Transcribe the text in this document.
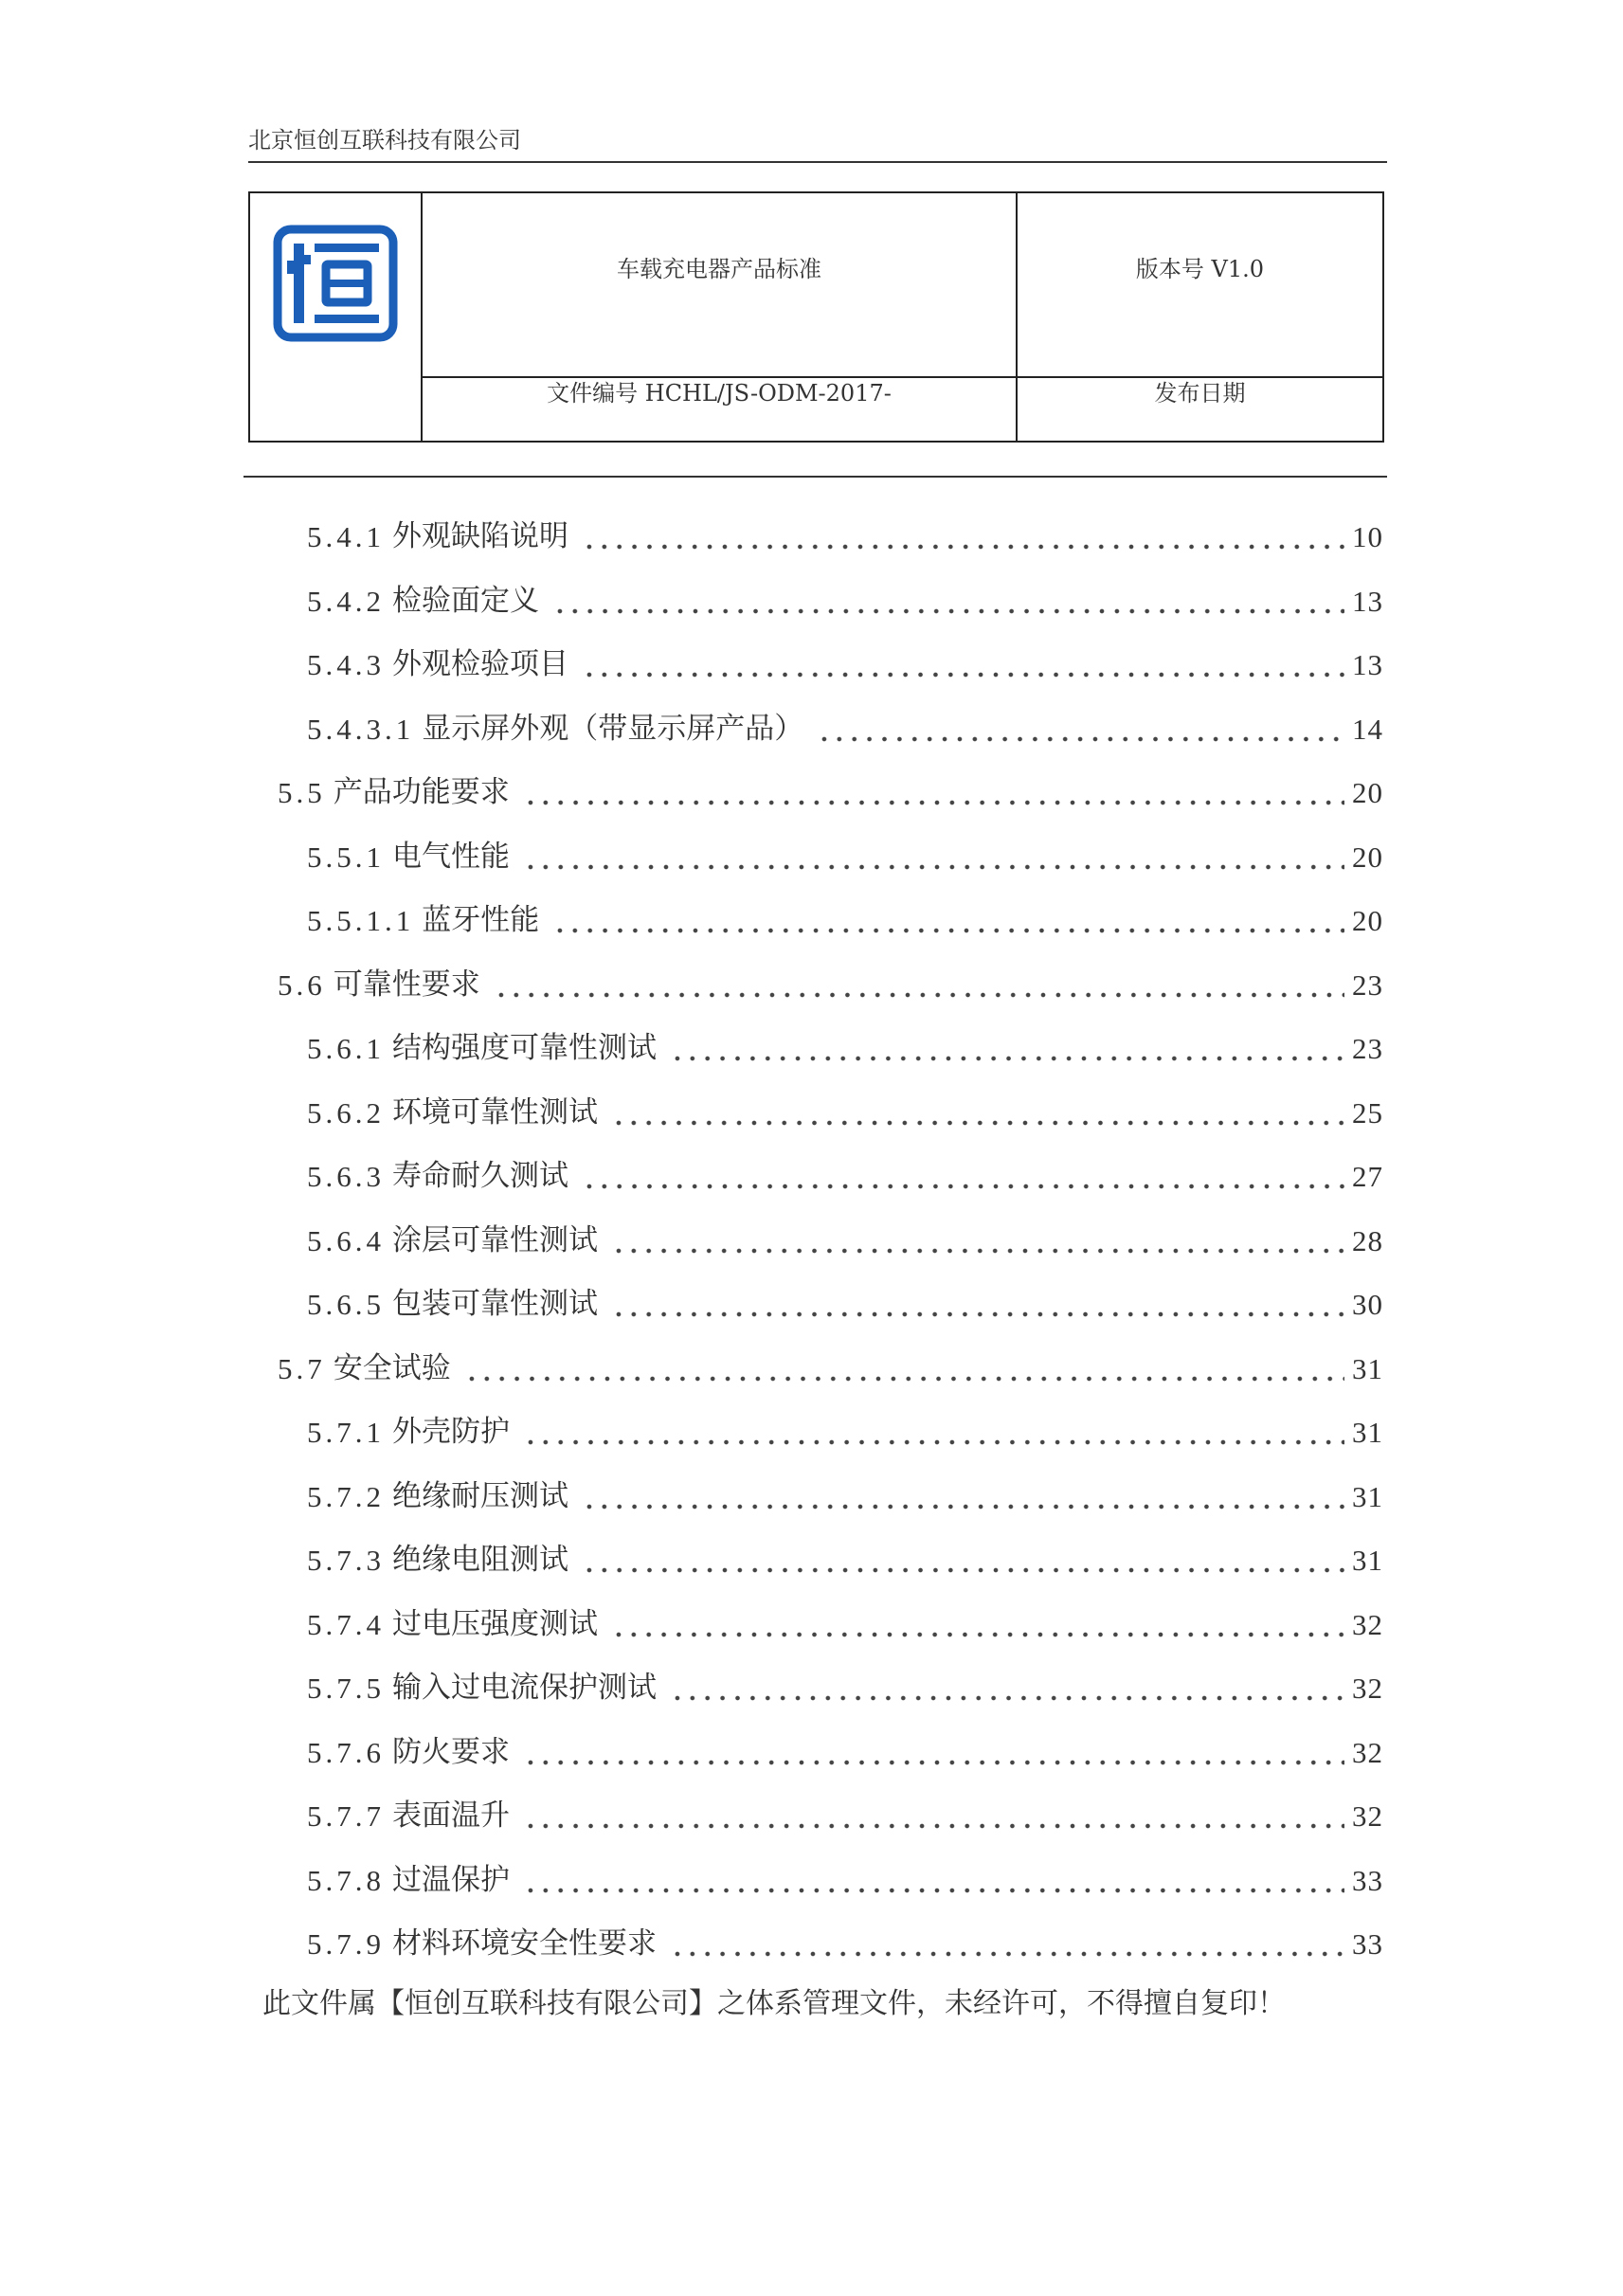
北京恒创互联科技有限公司
车载充电器产品标准	版本号 V1.0
文件编号 HCHL/JS-ODM-2017-	发布日期
5.4.1 外观缺陷说明	10
5.4.2 检验面定义	13
5.4.3 外观检验项目	13
5.4.3.1 显示屏外观（带显示屏产品）	14
5.5 产品功能要求	20
5.5.1 电气性能	20
5.5.1.1 蓝牙性能	20
5.6 可靠性要求	23
5.6.1 结构强度可靠性测试	23
5.6.2 环境可靠性测试	25
5.6.3 寿命耐久测试	27
5.6.4 涂层可靠性测试	28
5.6.5 包装可靠性测试	30
5.7 安全试验	31
5.7.1 外壳防护	31
5.7.2 绝缘耐压测试	31
5.7.3 绝缘电阻测试	31
5.7.4 过电压强度测试	32
5.7.5 输入过电流保护测试	32
5.7.6 防火要求	32
5.7.7 表面温升	32
5.7.8 过温保护	33
5.7.9 材料环境安全性要求	33
此文件属【恒创互联科技有限公司】之体系管理文件，未经许可，不得擅自复印！
